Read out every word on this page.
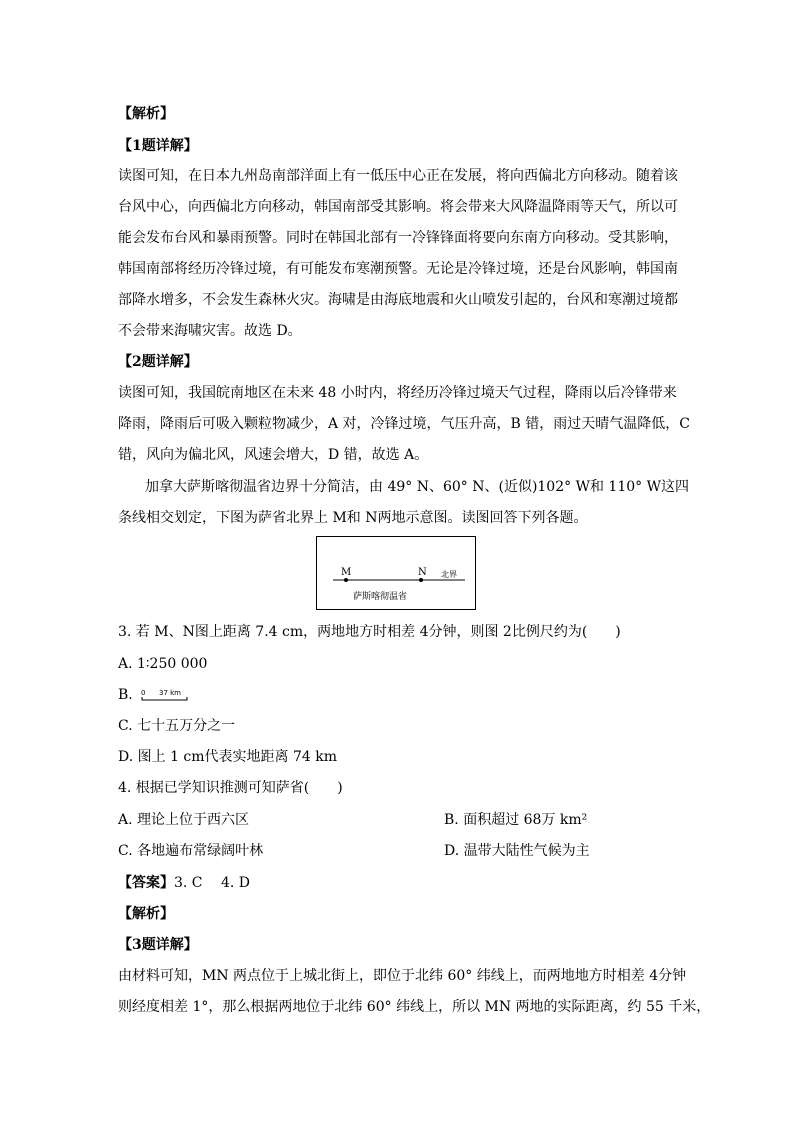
【解析】
【1题详解】
读图可知，在日本九州岛南部洋面上有一低压中心正在发展，将向西偏北方向移动。随着该
台风中心，向西偏北方向移动，韩国南部受其影响。将会带来大风降温降雨等天气，所以可
能会发布台风和暴雨预警。同时在韩国北部有一冷锋锋面将要向东南方向移动。受其影响，
韩国南部将经历冷锋过境，有可能发布寒潮预警。无论是冷锋过境，还是台风影响，韩国南
部降水增多，不会发生森林火灾。海啸是由海底地震和火山喷发引起的，台风和寒潮过境都
不会带来海啸灾害。故选 D。
【2题详解】
读图可知，我国皖南地区在未来 48 小时内，将经历冷锋过境天气过程，降雨以后冷锋带来
降雨，降雨后可吸入颗粒物减少，A 对，冷锋过境，气压升高，B 错，雨过天晴气温降低，C
错，风向为偏北风，风速会增大，D 错，故选 A。
加拿大萨斯喀彻温省边界十分简洁，由 49° N、60° N、(近似)102° W和 110° W这四
条线相交划定，下图为萨省北界上 M和 N两地示意图。读图回答下列各题。
M	N 北界
萨斯喀彻温省
3. 若 M、N图上距离 7.4 cm，两地地方时相差 4分钟，则图 2比例尺约为(　　)
A. 1∶250 000
B. 0 37 km
C. 七十五万分之一
D. 图上 1 cm代表实地距离 74 km
4. 根据已学知识推测可知萨省(　　)
A. 理论上位于西六区	B. 面积超过 68万 km²
C. 各地遍布常绿阔叶林	D. 温带大陆性气候为主
【答案】3. C　 4. D
【解析】
【3题详解】
由材料可知，MN 两点位于上城北街上，即位于北纬 60° 纬线上，而两地地方时相差 4分钟
则经度相差 1°，那么根据两地位于北纬 60° 纬线上，所以 MN 两地的实际距离，约 55 千米，
